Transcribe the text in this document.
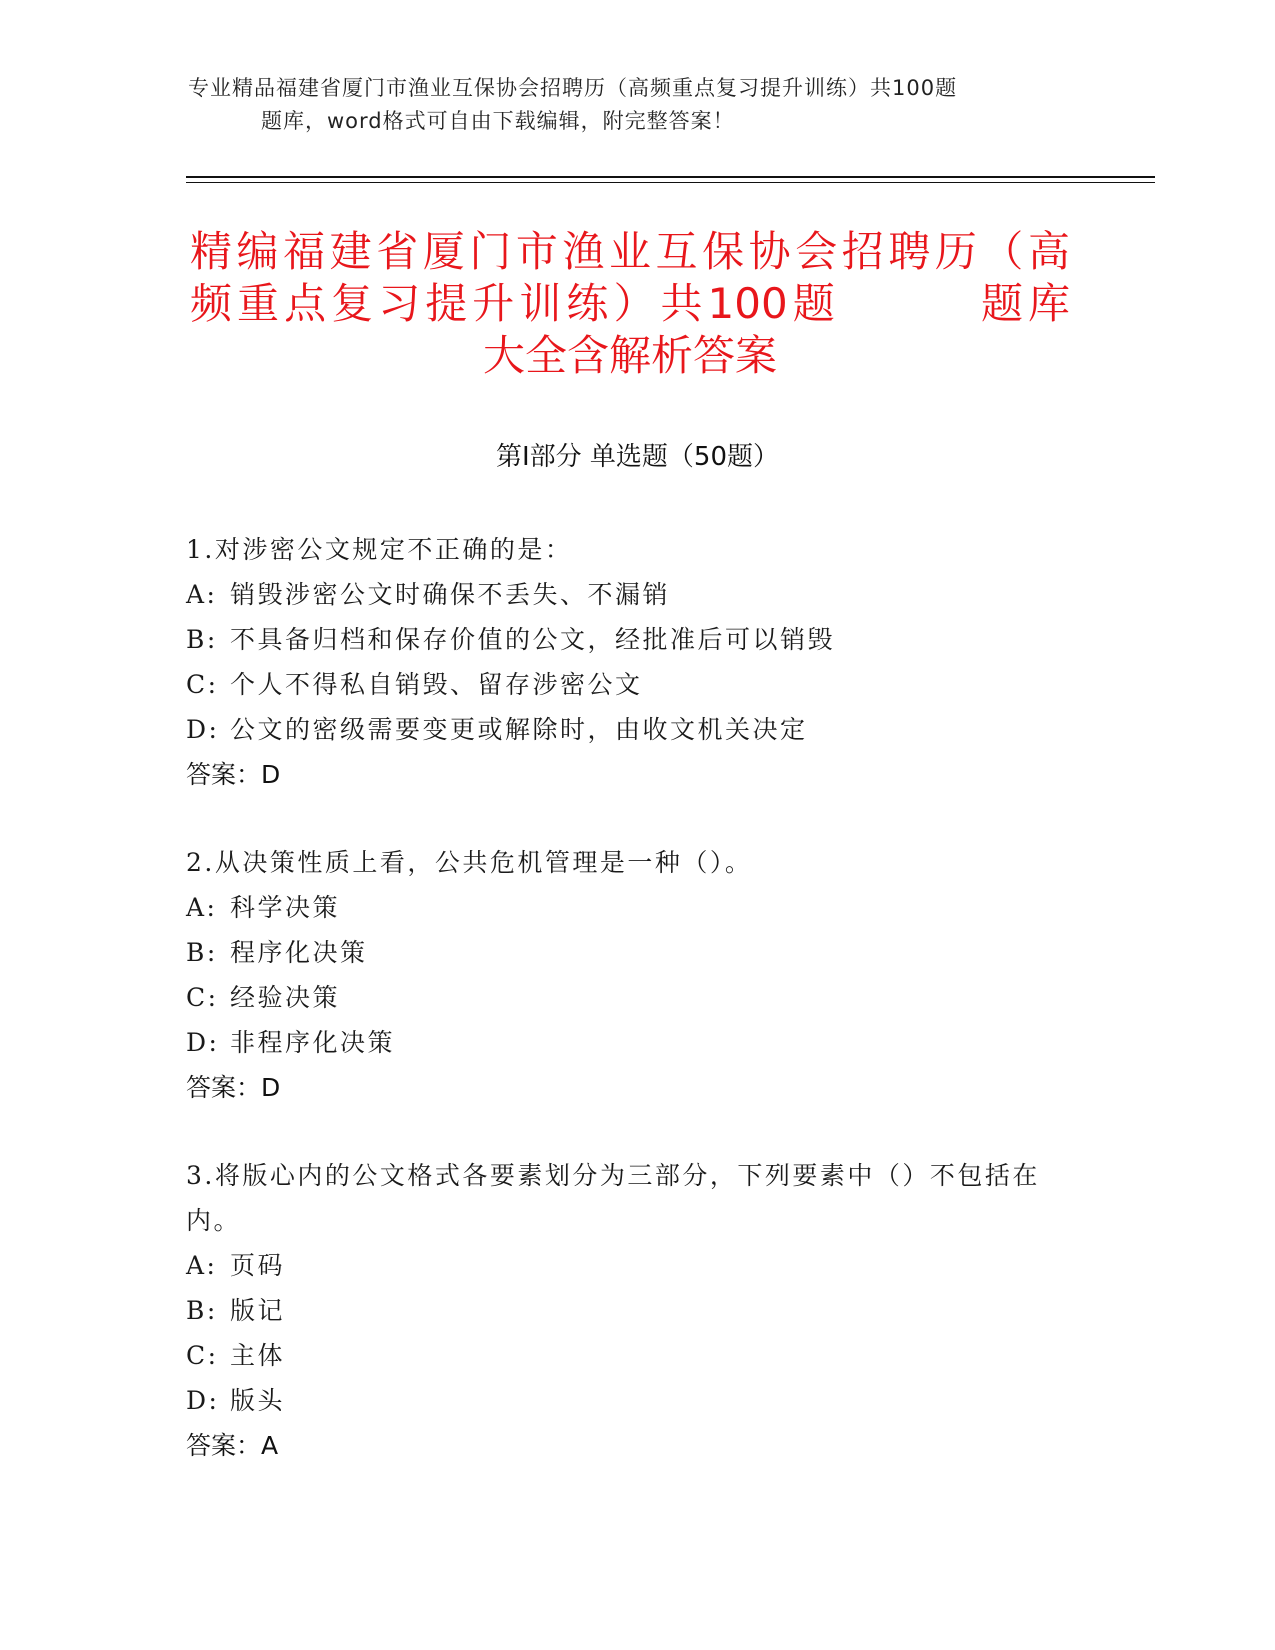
专业精品福建省厦门市渔业互保协会招聘历（高频重点复习提升训练）共100题
题库，word格式可自由下载编辑，附完整答案！
精编福建省厦门市渔业互保协会招聘历（高
频重点复习提升训练）共100题　　　题库
大全含解析答案
第Ⅰ部分 单选题（50题）
1.对涉密公文规定不正确的是：
A: 销毁涉密公文时确保不丢失、不漏销
B: 不具备归档和保存价值的公文，经批准后可以销毁
C: 个人不得私自销毁、留存涉密公文
D: 公文的密级需要变更或解除时，由收文机关决定
答案：D
2.从决策性质上看，公共危机管理是一种（）。
A: 科学决策
B: 程序化决策
C: 经验决策
D: 非程序化决策
答案：D
3.将版心内的公文格式各要素划分为三部分，下列要素中（）不包括在内。
A: 页码
B: 版记
C: 主体
D: 版头
答案：A
